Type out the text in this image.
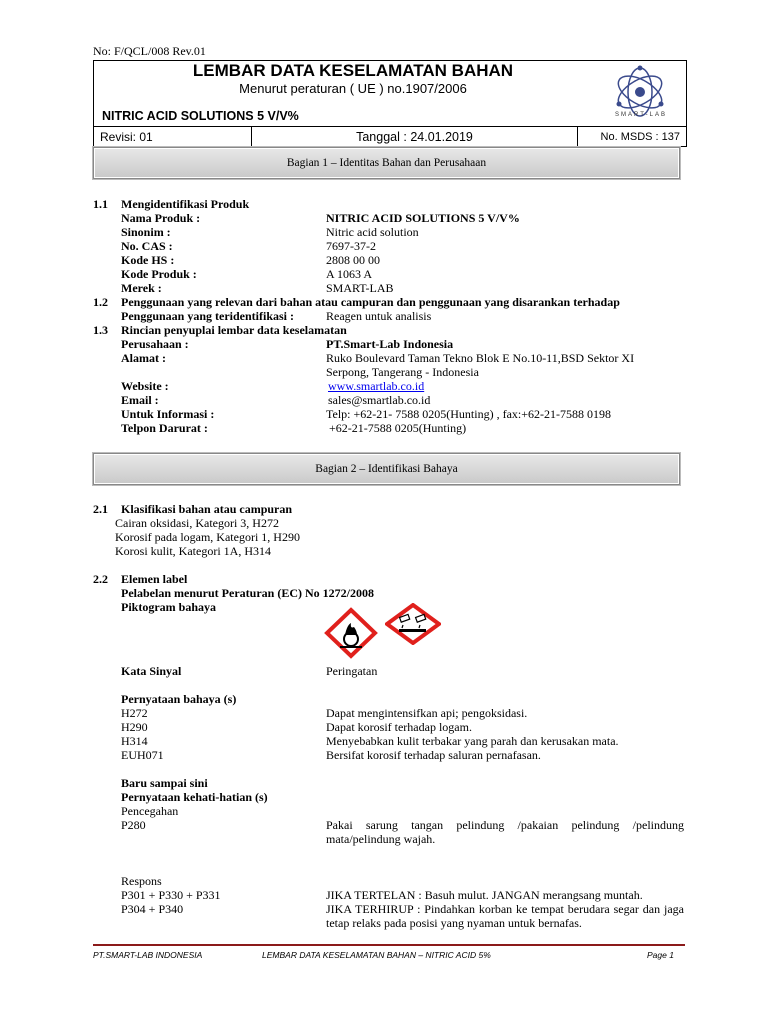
No: F/QCL/008 Rev.01
LEMBAR DATA KESELAMATAN BAHAN
Menurut peraturan ( UE ) no.1907/2006
NITRIC ACID SOLUTIONS 5 V/V%	SMART-LAB
Revisi: 01	Tanggal : 24.01.2019	No. MSDS : 137
Bagian 1 – Identitas Bahan dan Perusahaan
1.1 Mengidentifikasi Produk
Nama Produk :	NITRIC ACID SOLUTIONS 5 V/V%
Sinonim :	Nitric acid solution
No. CAS :	7697-37-2
Kode HS :	2808 00 00
Kode Produk :	A 1063 A
Merek :	SMART-LAB
1.2 Penggunaan yang relevan dari bahan atau campuran dan penggunaan yang disarankan terhadap
Penggunaan yang teridentifikasi :	Reagen untuk analisis
1.3 Rincian penyuplai lembar data keselamatan
Perusahaan :	PT.Smart-Lab Indonesia
Alamat :	Ruko Boulevard Taman Tekno Blok E No.10-11,BSD Sektor XI
Serpong, Tangerang - Indonesia
Website :	www.smartlab.co.id
Email :	sales@smartlab.co.id
Untuk Informasi :	Telp: +62-21- 7588 0205(Hunting) , fax:+62-21-7588 0198
Telpon Darurat :	+62-21-7588 0205(Hunting)
Bagian 2 – Identifikasi Bahaya
2.1 Klasifikasi bahan atau campuran
Cairan oksidasi, Kategori 3, H272
Korosif pada logam, Kategori 1, H290
Korosi kulit, Kategori 1A, H314
2.2 Elemen label
Pelabelan menurut Peraturan (EC) No 1272/2008
Piktogram bahaya
Kata Sinyal	Peringatan
Pernyataan bahaya (s)
H272	Dapat mengintensifkan api; pengoksidasi.
H290	Dapat korosif terhadap logam.
H314	Menyebabkan kulit terbakar yang parah dan kerusakan mata.
EUH071	Bersifat korosif terhadap saluran pernafasan.
Baru sampai sini
Pernyataan kehati-hatian (s)
Pencegahan
P280	Pakai sarung tangan pelindung /pakaian pelindung /pelindung mata/pelindung wajah.
Respons
P301 + P330 + P331	JIKA TERTELAN : Basuh mulut. JANGAN merangsang muntah.
P304 + P340	JIKA TERHIRUP : Pindahkan korban ke tempat berudara segar dan jaga tetap relaks pada posisi yang nyaman untuk bernafas.
PT.SMART-LAB INDONESIA	LEMBAR DATA KESELAMATAN BAHAN – NITRIC ACID 5%	Page 1
